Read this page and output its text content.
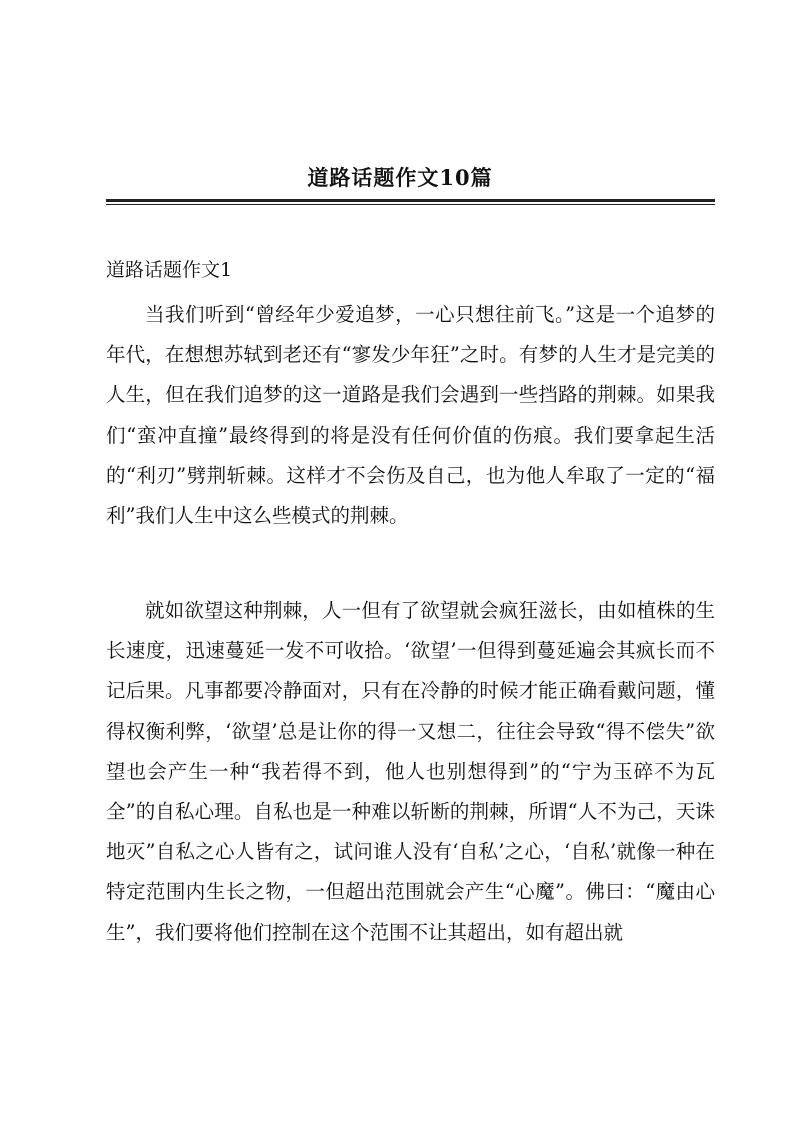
道路话题作文10篇
道路话题作文1

当我们听到“曾经年少爱追梦，一心只想往前飞。”这是一个追梦的年代，在想想苏轼到老还有“寥发少年狂”之时。有梦的人生才是完美的人生，但在我们追梦的这一道路是我们会遇到一些挡路的荆棘。如果我们“蛮冲直撞”最终得到的将是没有任何价值的伤痕。我们要拿起生活的“利刃”劈荆斩棘。这样才不会伤及自己，也为他人牟取了一定的“福利”我们人生中这么些模式的荆棘。

就如欲望这种荆棘，人一但有了欲望就会疯狂滋长，由如植株的生长速度，迅速蔓延一发不可收拾。‘欲望’一但得到蔓延遍会其疯长而不记后果。凡事都要冷静面对，只有在冷静的时候才能正确看戴问题，懂得权衡利弊，‘欲望’总是让你的得一又想二，往往会导致“得不偿失”欲望也会产生一种“我若得不到，他人也别想得到”的“宁为玉碎不为瓦全”的自私心理。自私也是一种难以斩断的荆棘，所谓“人不为己，天诛地灭”自私之心人皆有之，试问谁人没有‘自私’之心，‘自私’就像一种在特定范围内生长之物，一但超出范围就会产生“心魔”。佛曰：“魔由心生”，我们要将他们控制在这个范围不让其超出，如有超出就
